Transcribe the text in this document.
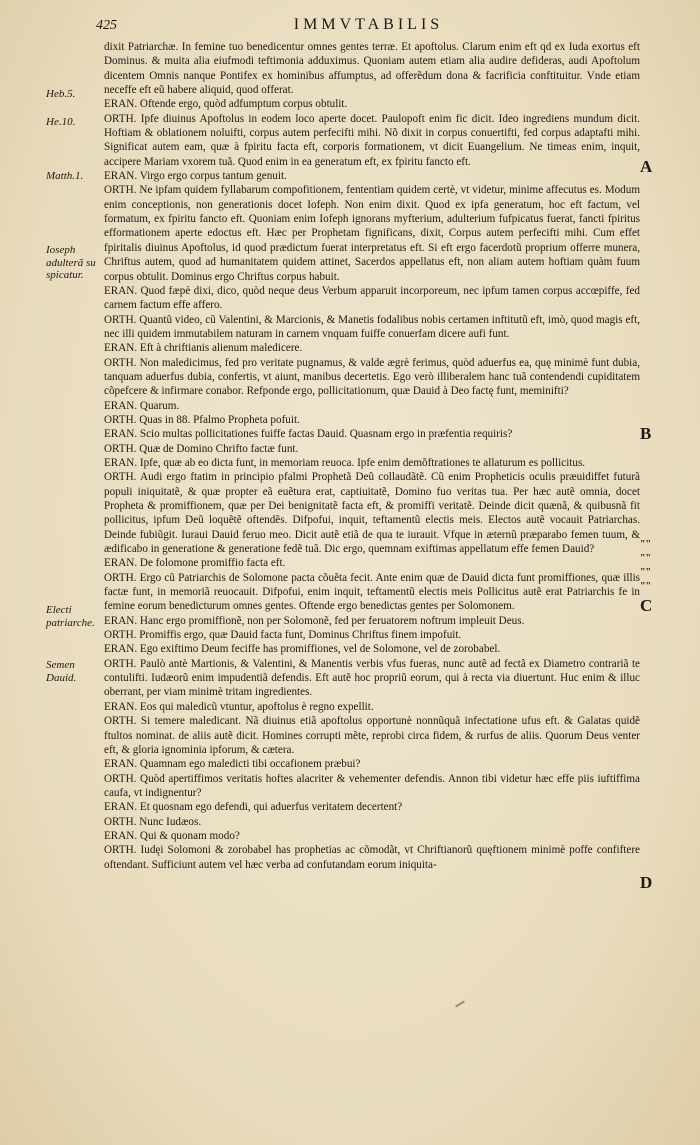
425	IMMVTABILIS
Heb.5.
He.10.
Matth.1.
Ioseph adulterã su spicatur.
Electi patriarche.
Semen Dauid.
A
B
C
D
""
""
""
""

dixit Patriarchæ. In femine tuo benedicentur omnes gentes terræ. Et apoftolus. Clarum enim eft qd ex Iuda exortus eft Dominus. & muita alia eiufmodi teftimonia adduximus. Quoniam autem etiam alia audire defideras, audi Apoftolum dicentem Omnis nanque Pontifex ex hominibus affumptus, ad offerẽdum dona & facrificia conftituitur. Vnde etiam neceffe eft eũ habere aliquid, quod offerat.

ERAN. Oftende ergo, quòd adfumptum corpus obtulit.

ORTH. Ipfe diuinus Apoftolus in eodem loco aperte docet. Paulopoft enim fic dicit. Ideo ingrediens mundum dicit. Hoftiam & oblationem noluifti, corpus autem perfecifti mihi. Nõ dixit in corpus conuertifti, fed corpus adaptafti mihi. Significat autem eam, quæ à fpiritu facta eft, corporis formationem, vt dicit Euangelium. Ne timeas enim, inquit, accipere Mariam vxorem tuã. Quod enim in ea generatum eft, ex fpiritu fancto eft.

ERAN. Virgo ergo corpus tantum genuit.

ORTH. Ne ipfam quidem fyllabarum compofitionem, fententiam quidem certè, vt videtur, minime affecutus es. Modum enim conceptionis, non generationis docet Iofeph. Non enim dixit. Quod ex ipfa generatum, hoc eft factum, vel formatum, ex fpiritu fancto eft. Quoniam enim Iofeph ignorans myfterium, adulterium fufpicatus fuerat, fancti fpiritus efformationem aperte edoctus eft. Hæc per Prophetam fignificans, dixit, Corpus autem perfecifti mihi. Cum effet fpiritalis diuinus Apoftolus, id quod prædictum fuerat interpretatus eft. Si eft ergo facerdotũ proprium offerre munera, Chriftus autem, quod ad humanitatem quidem attinet, Sacerdos appellatus eft, non aliam autem hoftiam quàm fuum corpus obtulit. Dominus ergo Chriftus corpus habuit.

ERAN. Quod fæpè dixi, dico, quòd neque deus Verbum apparuit incorporeum, nec ipfum tamen corpus accœpiffe, fed carnem factum effe affero.

ORTH. Quantũ video, cũ Valentini, & Marcionis, & Manetis fodalibus nobis certamen inftitutũ eft, imò, quod magis eft, nec illi quidem immutabilem naturam in carnem vnquam fuiffe conuerfam dicere aufi funt.

ERAN. Eft à chriftianis alienum maledicere.

ORTH. Non maledicimus, fed pro veritate pugnamus, & valde ægrè ferimus, quòd aduerfus ea, quę minimè funt dubia, tanquam aduerfus dubia, confertis, vt aiunt, manibus decertetis. Ego verò illiberalem hanc tuã contendendi cupiditatem cõpefcere & infirmare conabor. Refponde ergo, pollicitationum, quæ Dauid à Deo factę funt, meminifti?

ERAN. Quarum.

ORTH. Quas in 88. Pfalmo Propheta pofuit.

ERAN. Scio multas pollicitationes fuiffe factas Dauid. Quasnam ergo in præfentia requiris?

ORTH. Quæ de Domino Chrifto factæ funt.

ERAN. Ipfe, quæ ab eo dicta funt, in memoriam reuoca. Ipfe enim demõftrationes te allaturum es pollicitus.

ORTH. Audi ergo ftatim in principio pfalmi Prophetã Deũ collaudãtẽ. Cũ enim Propheticis oculis præuidiffet futurã populi iniquitatẽ, & quæ propter eã euẽtura erat, captiuitatẽ, Domino fuo veritas tua. Per hæc autẽ omnia, docet Propheta & promiffionem, quæ per Dei benignitatẽ facta eft, & promiffi veritatẽ. Deinde dicit quænã, & quibusnã fit pollicitus, ipfum Deũ loquẽtẽ oftendẽs. Difpofui, inquit, teftamentũ electis meis. Electos autẽ vocauit Patriarchas. Deinde fubiũgit. Iuraui Dauid feruo meo. Dicit autẽ etiã de qua te iurauit. Vfque in æternũ præparabo femen tuum, & ædificabo in generatione & generatione fedẽ tuã. Dic ergo, quemnam exiftimas appellatum effe femen Dauid?

ERAN. De folomone promiffio facta eft.

ORTH. Ergo cũ Patriarchis de Solomone pacta cõuẽta fecit. Ante enim quæ de Dauid dicta funt promiffiones, quæ illis factæ funt, in memoriã reuocauit. Difpofui, enim inquit, teftamentũ electis meis Pollicitus autẽ erat Patriarchis fe in femine eorum benedicturum omnes gentes. Oftende ergo benedictas gentes per Solomonem.

ERAN. Hanc ergo promiffionẽ, non per Solomonẽ, fed per feruatorem noftrum impleuit Deus.

ORTH. Promiffis ergo, quæ Dauid facta funt, Dominus Chriftus finem impofuit.

ERAN. Ego exiftimo Deum feciffe has promiffiones, vel de Solomone, vel de zorobabel.

ORTH. Paulò antè Martionis, & Valentini, & Manentis verbis vfus fueras, nunc autẽ ad fectã ex Diametro contrariã te contulifti. Iudæorũ enim impudentiã defendis. Eft autẽ hoc propriũ eorum, qui à recta via diuertunt. Huc enim & illuc oberrant, per viam minimè tritam ingredientes.

ERAN. Eos qui maledicũ vtuntur, apoftolus è regno expellit.

ORTH. Si temere maledicant. Nã diuinus etiã apoftolus opportunè nonnũquã infectatione ufus eft. & Galatas quidẽ ftultos nominat. de aliis autẽ dicit. Homines corrupti mẽte, reprobi circa fidem, & rurfus de aliis. Quorum Deus venter eft, & gloria ignominia ipforum, & cætera.

ERAN. Quamnam ego maledicti tibi occafionem præbui?

ORTH. Quòd apertiffimos veritatis hoftes alacriter & vehementer defendis. Annon tibi videtur hæc effe piis iuftiffima caufa, vt indignentur?

ERAN. Et quosnam ego defendi, qui aduerfus veritatem decertent?

ORTH. Nunc Iudæos.

ERAN. Qui & quonam modo?

ORTH. Iudęi Solomoni & zorobabel has prophetias ac cõmodãt, vt Chriftianorũ quęftionem minimè poffe confiftere oftendant. Sufficiunt autem vel hæc verba ad confutandam eorum iniquita-
